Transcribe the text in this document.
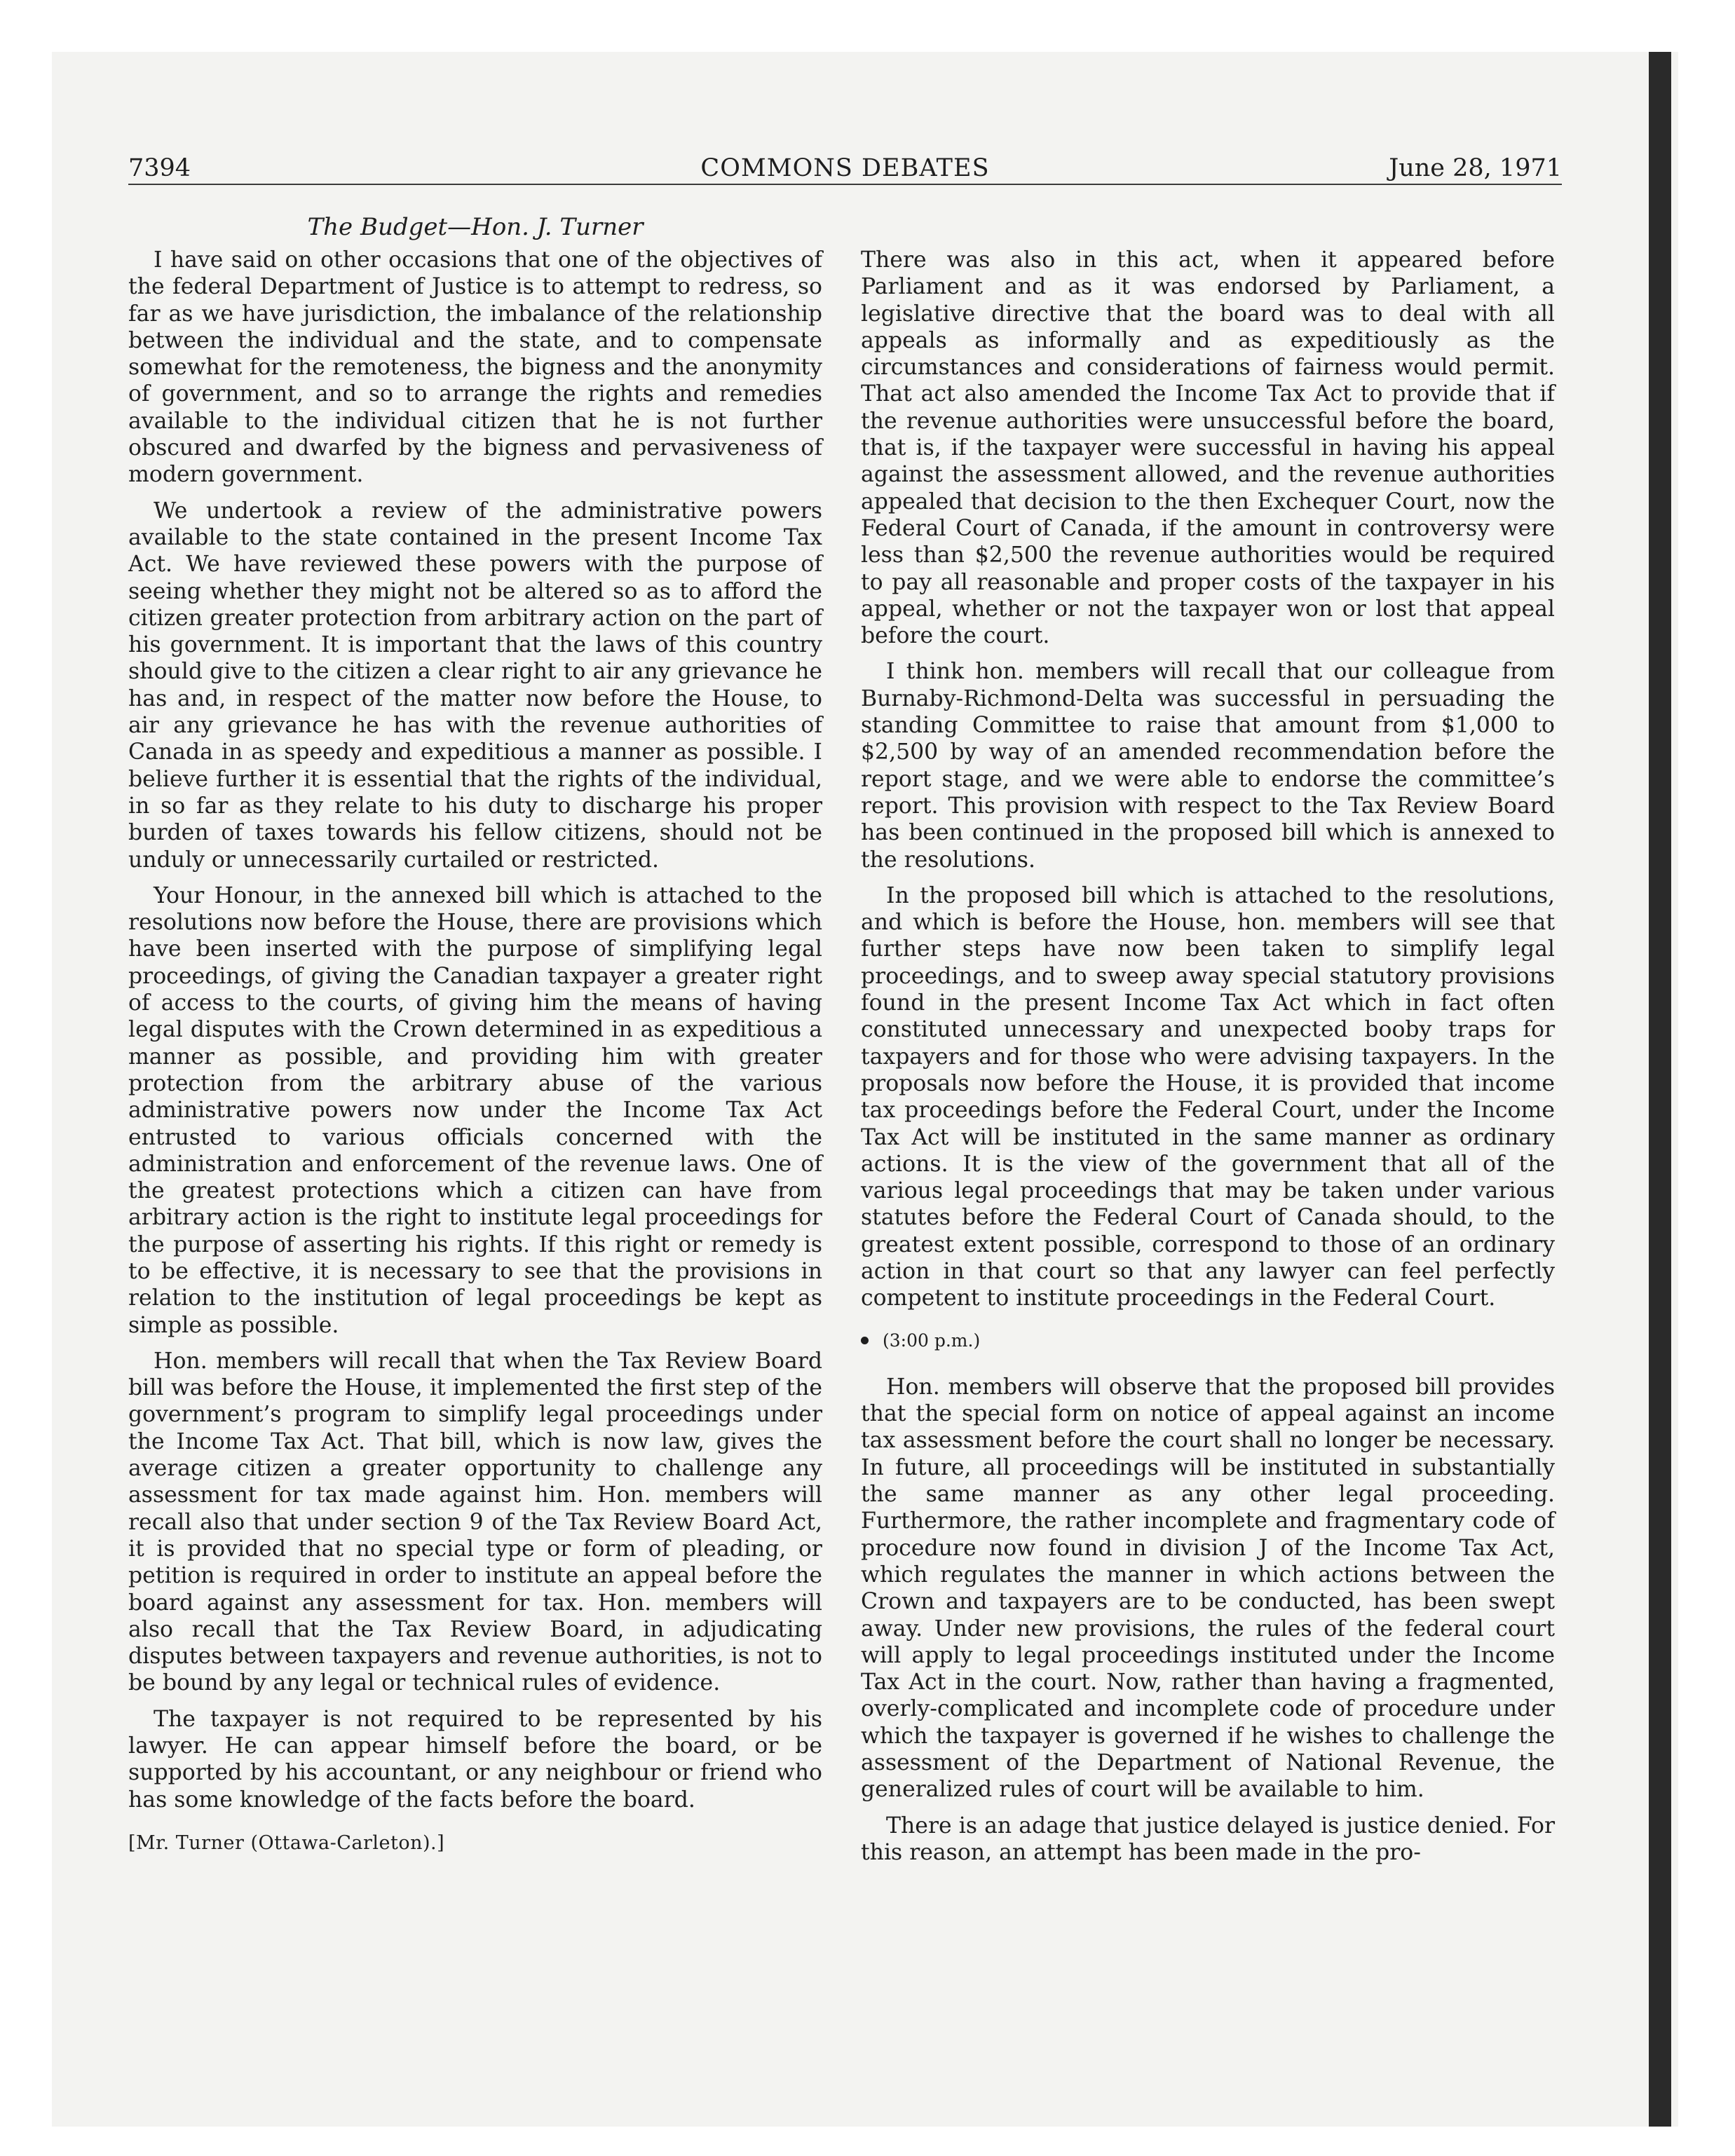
7394	COMMONS DEBATES	June 28, 1971
The Budget—Hon. J. Turner

I have said on other occasions that one of the objectives of the federal Department of Justice is to attempt to redress, so far as we have jurisdiction, the imbalance of the relationship between the individual and the state, and to compensate somewhat for the remoteness, the bigness and the anonymity of government, and so to arrange the rights and remedies available to the individual citizen that he is not further obscured and dwarfed by the bigness and pervasiveness of modern government.

We undertook a review of the administrative powers available to the state contained in the present Income Tax Act. We have reviewed these powers with the purpose of seeing whether they might not be altered so as to afford the citizen greater protection from arbitrary action on the part of his government. It is important that the laws of this country should give to the citizen a clear right to air any grievance he has and, in respect of the matter now before the House, to air any grievance he has with the revenue authorities of Canada in as speedy and expeditious a manner as possible. I believe further it is essential that the rights of the individual, in so far as they relate to his duty to discharge his proper burden of taxes towards his fellow citizens, should not be unduly or unnecessarily curtailed or restricted.

Your Honour, in the annexed bill which is attached to the resolutions now before the House, there are provisions which have been inserted with the purpose of simplifying legal proceedings, of giving the Canadian taxpayer a greater right of access to the courts, of giving him the means of having legal disputes with the Crown determined in as expeditious a manner as possible, and providing him with greater protection from the arbitrary abuse of the various administrative powers now under the Income Tax Act entrusted to various officials concerned with the administration and enforcement of the revenue laws. One of the greatest protections which a citizen can have from arbitrary action is the right to institute legal proceedings for the purpose of asserting his rights. If this right or remedy is to be effective, it is necessary to see that the provisions in relation to the institution of legal proceedings be kept as simple as possible.

Hon. members will recall that when the Tax Review Board bill was before the House, it implemented the first step of the government’s program to simplify legal proceedings under the Income Tax Act. That bill, which is now law, gives the average citizen a greater opportunity to challenge any assessment for tax made against him. Hon. members will recall also that under section 9 of the Tax Review Board Act, it is provided that no special type or form of pleading, or petition is required in order to institute an appeal before the board against any assessment for tax. Hon. members will also recall that the Tax Review Board, in adjudicating disputes between taxpayers and revenue authorities, is not to be bound by any legal or technical rules of evidence.

The taxpayer is not required to be represented by his lawyer. He can appear himself before the board, or be supported by his accountant, or any neighbour or friend who has some knowledge of the facts before the board.

[Mr. Turner (Ottawa-Carleton).]

There was also in this act, when it appeared before Parliament and as it was endorsed by Parliament, a legislative directive that the board was to deal with all appeals as informally and as expeditiously as the circumstances and considerations of fairness would permit. That act also amended the Income Tax Act to provide that if the revenue authorities were unsuccessful before the board, that is, if the taxpayer were successful in having his appeal against the assessment allowed, and the revenue authorities appealed that decision to the then Exchequer Court, now the Federal Court of Canada, if the amount in controversy were less than $2,500 the revenue authorities would be required to pay all reasonable and proper costs of the taxpayer in his appeal, whether or not the taxpayer won or lost that appeal before the court.

I think hon. members will recall that our colleague from Burnaby-Richmond-Delta was successful in persuading the standing Committee to raise that amount from $1,000 to $2,500 by way of an amended recommendation before the report stage, and we were able to endorse the committee’s report. This provision with respect to the Tax Review Board has been continued in the proposed bill which is annexed to the resolutions.

In the proposed bill which is attached to the resolutions, and which is before the House, hon. members will see that further steps have now been taken to simplify legal proceedings, and to sweep away special statutory provisions found in the present Income Tax Act which in fact often constituted unnecessary and unexpected booby traps for taxpayers and for those who were advising taxpayers. In the proposals now before the House, it is provided that income tax proceedings before the Federal Court, under the Income Tax Act will be instituted in the same manner as ordinary actions. It is the view of the government that all of the various legal proceedings that may be taken under various statutes before the Federal Court of Canada should, to the greatest extent possible, correspond to those of an ordinary action in that court so that any lawyer can feel perfectly competent to institute proceedings in the Federal Court.

(3:00 p.m.)

Hon. members will observe that the proposed bill provides that the special form on notice of appeal against an income tax assessment before the court shall no longer be necessary. In future, all proceedings will be instituted in substantially the same manner as any other legal proceeding. Furthermore, the rather incomplete and fragmentary code of procedure now found in division J of the Income Tax Act, which regulates the manner in which actions between the Crown and taxpayers are to be conducted, has been swept away. Under new provisions, the rules of the federal court will apply to legal proceedings instituted under the Income Tax Act in the court. Now, rather than having a fragmented, overly-complicated and incomplete code of procedure under which the taxpayer is governed if he wishes to challenge the assessment of the Department of National Revenue, the generalized rules of court will be available to him.

There is an adage that justice delayed is justice denied. For this reason, an attempt has been made in the pro-
